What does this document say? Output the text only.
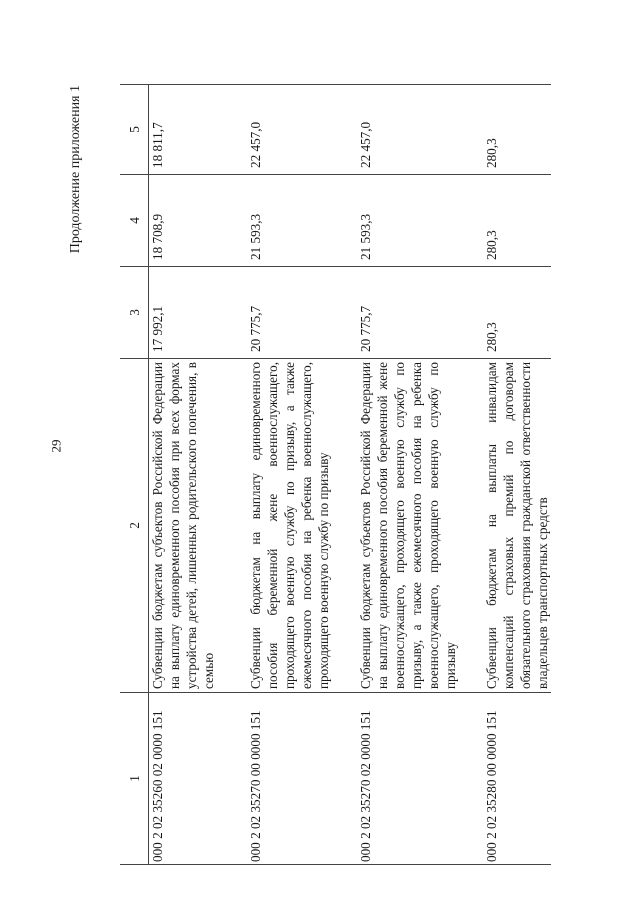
29
Продолжение приложения 1
1	2	3	4	5
000 2 02 35260 02 0000 151	Субвенции бюджетам субъектов Российской Федерации на выплату единовременного пособия при всех формах устройства детей, лишенных родительского попечения, в семью	17 992,1	18 708,9	18 811,7
000 2 02 35270 00 0000 151	Субвенции бюджетам на выплату единовременного пособия беременной жене военнослужащего, проходящего военную службу по призыву, а также ежемесячного пособия на ребенка военнослужащего, проходящего военную службу по призыву	20 775,7	21 593,3	22 457,0
000 2 02 35270 02 0000 151	Субвенции бюджетам субъектов Российской Федерации на выплату единовременного пособия беременной жене военнослужащего, проходящего военную службу по призыву, а также ежемесячного пособия на ребенка военнослужащего, проходящего военную службу по призыву	20 775,7	21 593,3	22 457,0
000 2 02 35280 00 0000 151	Субвенции бюджетам на выплаты инвалидам компенсаций страховых премий по договорам обязательного страхования гражданской ответственности владельцев транспортных средств	280,3	280,3	280,3
